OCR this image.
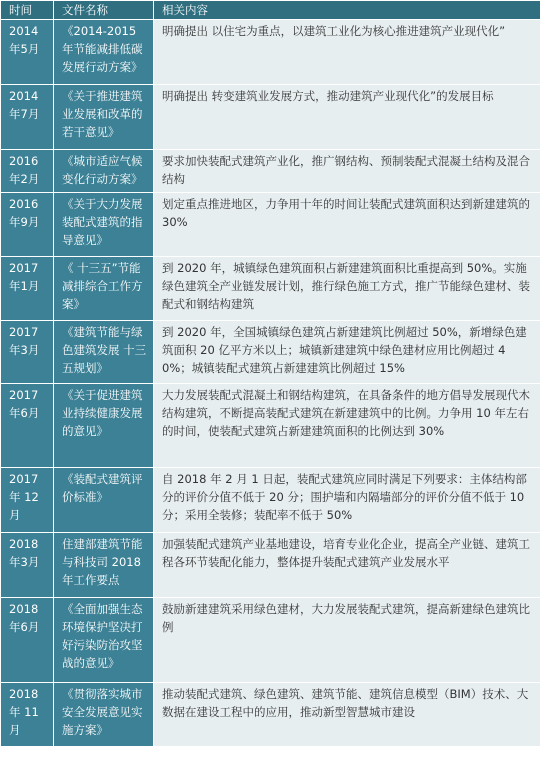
时间	文件名称	相关内容
2014年5月	《2014-2015 年节能减排低碳发展行动方案》	明确提出 以住宅为重点，以建筑工业化为核心推进建筑产业现代化”
2014年7月	《关于推进建筑业发展和改革的若干意见》	明确提出 转变建筑业发展方式，推动建筑产业现代化”的发展目标
2016年2月	《城市适应气候变化行动方案》	要求加快装配式建筑产业化，推广钢结构、预制装配式混凝土结构及混合结构
2016年9月	《关于大力发展装配式建筑的指导意见》	划定重点推进地区，力争用十年的时间让装配式建筑面积达到新建建筑的 30%
2017年1月	《 十三五”节能减排综合工作方案》	到 2020 年，城镇绿色建筑面积占新建建筑面积比重提高到 50%。实施绿色建筑全产业链发展计划，推行绿色施工方式，推广节能绿色建材、装配式和钢结构建筑
2017年3月	《建筑节能与绿色建筑发展 十三五规划》	到 2020 年，全国城镇绿色建筑占新建建筑比例超过 50%，新增绿色建筑面积 20 亿平方米以上；城镇新建建筑中绿色建材应用比例超过 40%；城镇装配式建筑占新建建筑比例超过 15%
2017年6月	《关于促进建筑业持续健康发展的意见》	大力发展装配式混凝土和钢结构建筑，在具备条件的地方倡导发展现代木结构建筑，不断提高装配式建筑在新建建筑中的比例。力争用 10 年左右的时间，使装配式建筑占新建建筑面积的比例达到 30%
2017 年 12月	《装配式建筑评价标准》	自 2018 年 2 月 1 日起，装配式建筑应同时满足下列要求：主体结构部分的评价分值不低于 20 分；围护墙和内隔墙部分的评价分值不低于 10 分；采用全装修；装配率不低于 50%
2018年3月	住建部建筑节能与科技司 2018 年工作要点	加强装配式建筑产业基地建设，培育专业化企业，提高全产业链、建筑工程各环节装配化能力，整体提升装配式建筑产业发展水平
2018年6月	《全面加强生态环境保护坚决打好污染防治攻坚战的意见》	鼓励新建建筑采用绿色建材，大力发展装配式建筑，提高新建绿色建筑比例
2018 年 11月	《贯彻落实城市安全发展意见实施方案》	推动装配式建筑、绿色建筑、建筑节能、建筑信息模型（BIM）技术、大数据在建设工程中的应用，推动新型智慧城市建设
